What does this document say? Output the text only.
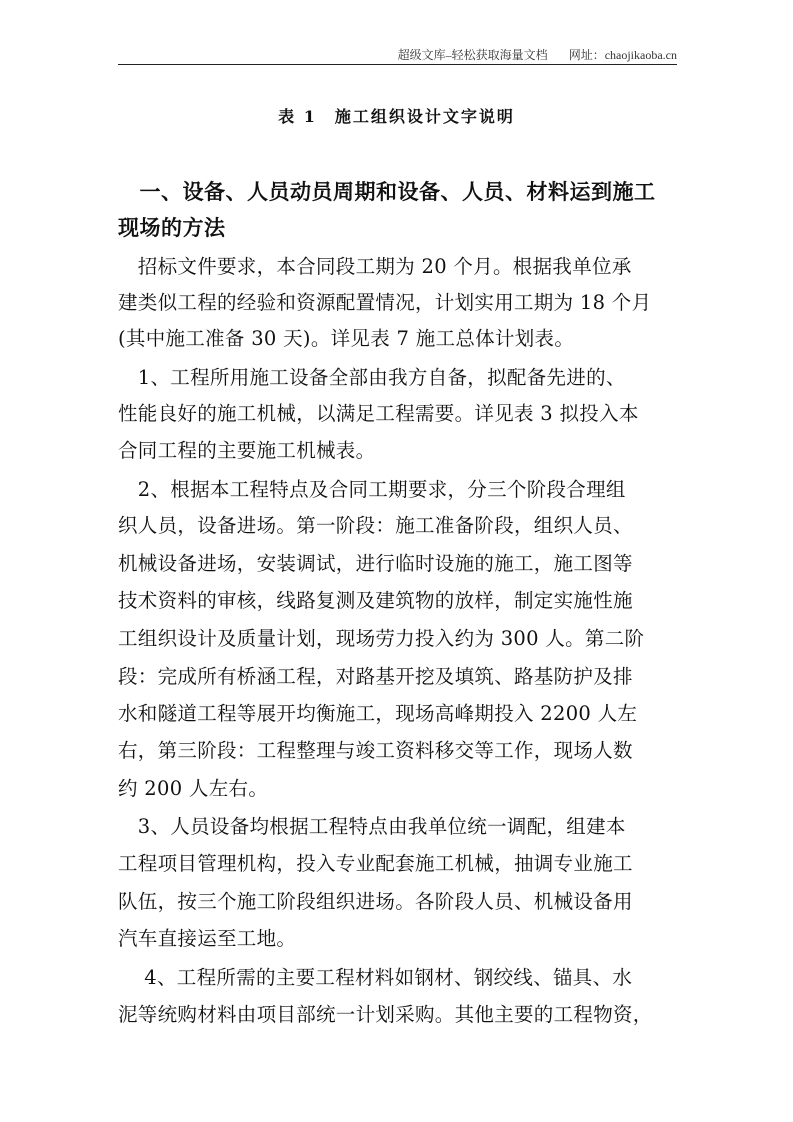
超级文库–轻松获取海量文档 网址：chaojikaoba.cn
表 1　施工组织设计文字说明
　一、设备、人员动员周期和设备、人员、材料运到施工
现场的方法
　招标文件要求，本合同段工期为 20 个月。根据我单位承
建类似工程的经验和资源配置情况，计划实用工期为 18 个月
(其中施工准备 30 天)。详见表 7 施工总体计划表。
　1、工程所用施工设备全部由我方自备，拟配备先进的、
性能良好的施工机械，以满足工程需要。详见表 3 拟投入本
合同工程的主要施工机械表。
　2、根据本工程特点及合同工期要求，分三个阶段合理组
织人员，设备进场。第一阶段：施工准备阶段，组织人员、
机械设备进场，安装调试，进行临时设施的施工，施工图等
技术资料的审核，线路复测及建筑物的放样，制定实施性施
工组织设计及质量计划，现场劳力投入约为 300 人。第二阶
段：完成所有桥涵工程，对路基开挖及填筑、路基防护及排
水和隧道工程等展开均衡施工，现场高峰期投入 2200 人左
右，第三阶段：工程整理与竣工资料移交等工作，现场人数
约 200 人左右。
　3、人员设备均根据工程特点由我单位统一调配，组建本
工程项目管理机构，投入专业配套施工机械，抽调专业施工
队伍，按三个施工阶段组织进场。各阶段人员、机械设备用
汽车直接运至工地。
　 4、工程所需的主要工程材料如钢材、钢绞线、锚具、水
泥等统购材料由项目部统一计划采购。其他主要的工程物资，
